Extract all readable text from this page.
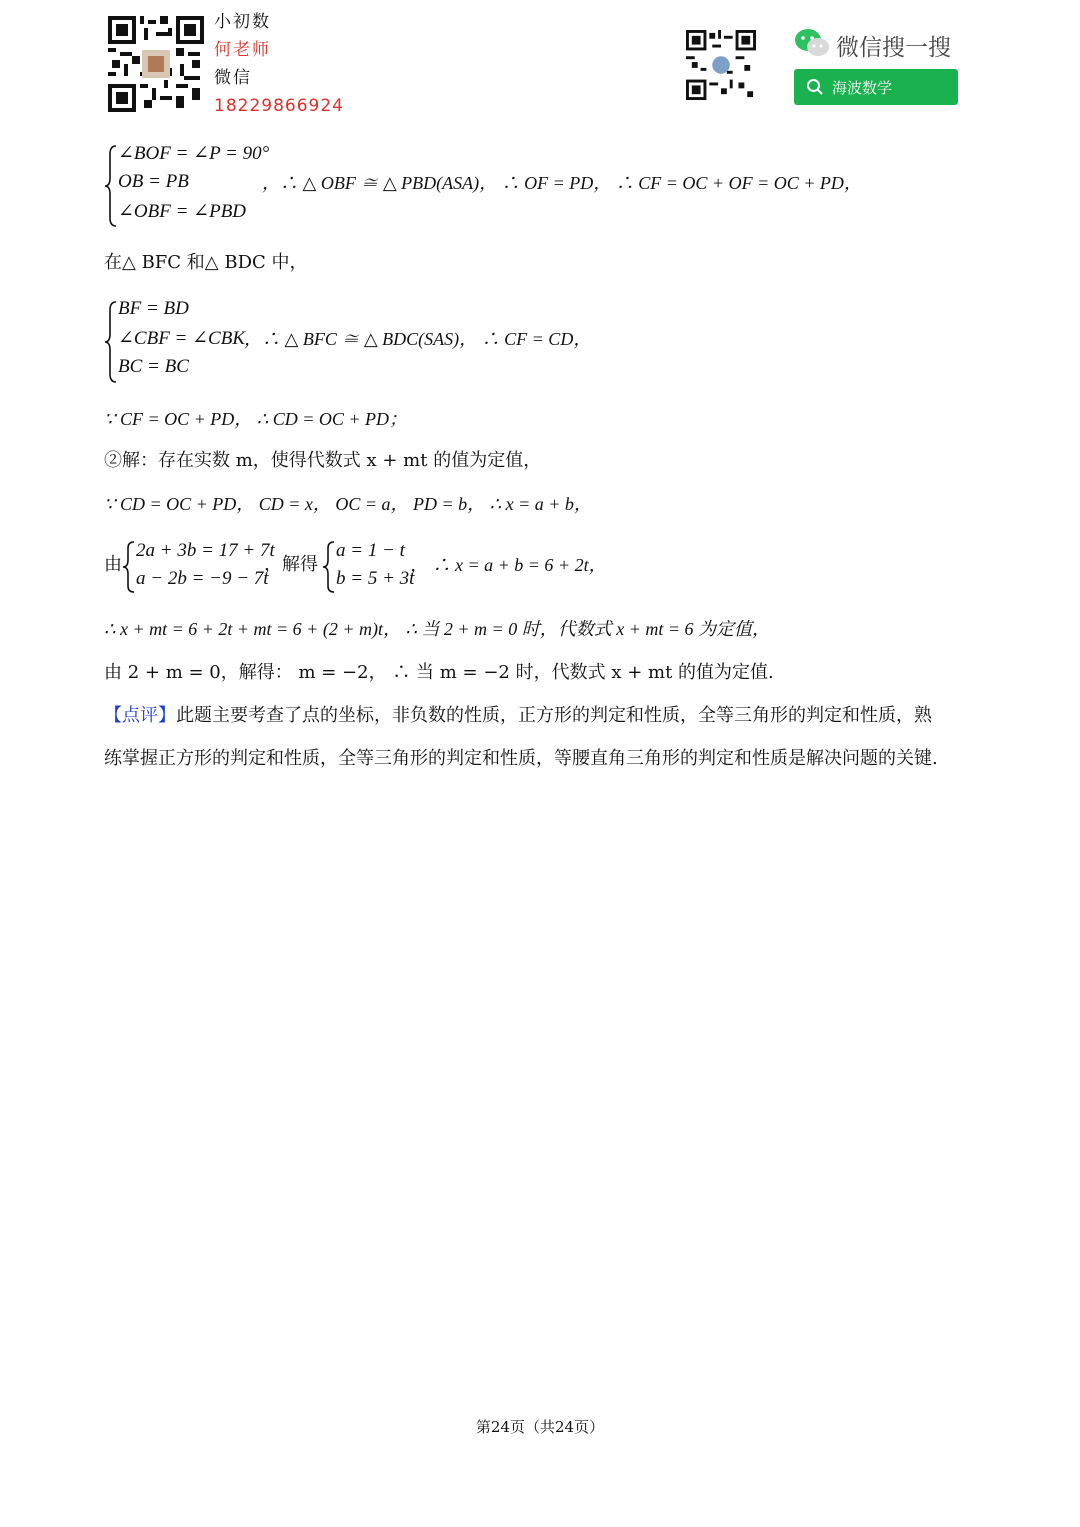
小初数
何老师
微信
18229866924
微信搜一搜
海波数学
∠BOF = ∠P = 90°
OB = PB
∠OBF = ∠PBD
，∴ △ OBF ≅ △ PBD(ASA)， ∴ OF = PD， ∴ CF = OC + OF = OC + PD，
在△ BFC 和△ BDC 中，
BF = BD
∠CBF = ∠CBK
BC = BC
，∴ △ BFC ≅ △ BDC(SAS)， ∴ CF = CD，
∵ CF = OC + PD， ∴ CD = OC + PD；
②解：存在实数 m，使得代数式 x + mt 的值为定值，
∵ CD = OC + PD， CD = x， OC = a， PD = b， ∴ x = a + b，
由
2a + 3b = 17 + 7t
a − 2b = −9 − 7t
，解得
a = 1 − t
b = 5 + 3t
， ∴ x = a + b = 6 + 2t，
∴ x + mt = 6 + 2t + mt = 6 + (2 + m)t， ∴ 当 2 + m = 0 时，代数式 x + mt = 6 为定值，
由 2 + m = 0，解得： m = −2， ∴ 当 m = −2 时，代数式 x + mt 的值为定值.
【点评】此题主要考查了点的坐标，非负数的性质，正方形的判定和性质，全等三角形的判定和性质，熟
练掌握正方形的判定和性质，全等三角形的判定和性质，等腰直角三角形的判定和性质是解决问题的关键.
第24页（共24页）
